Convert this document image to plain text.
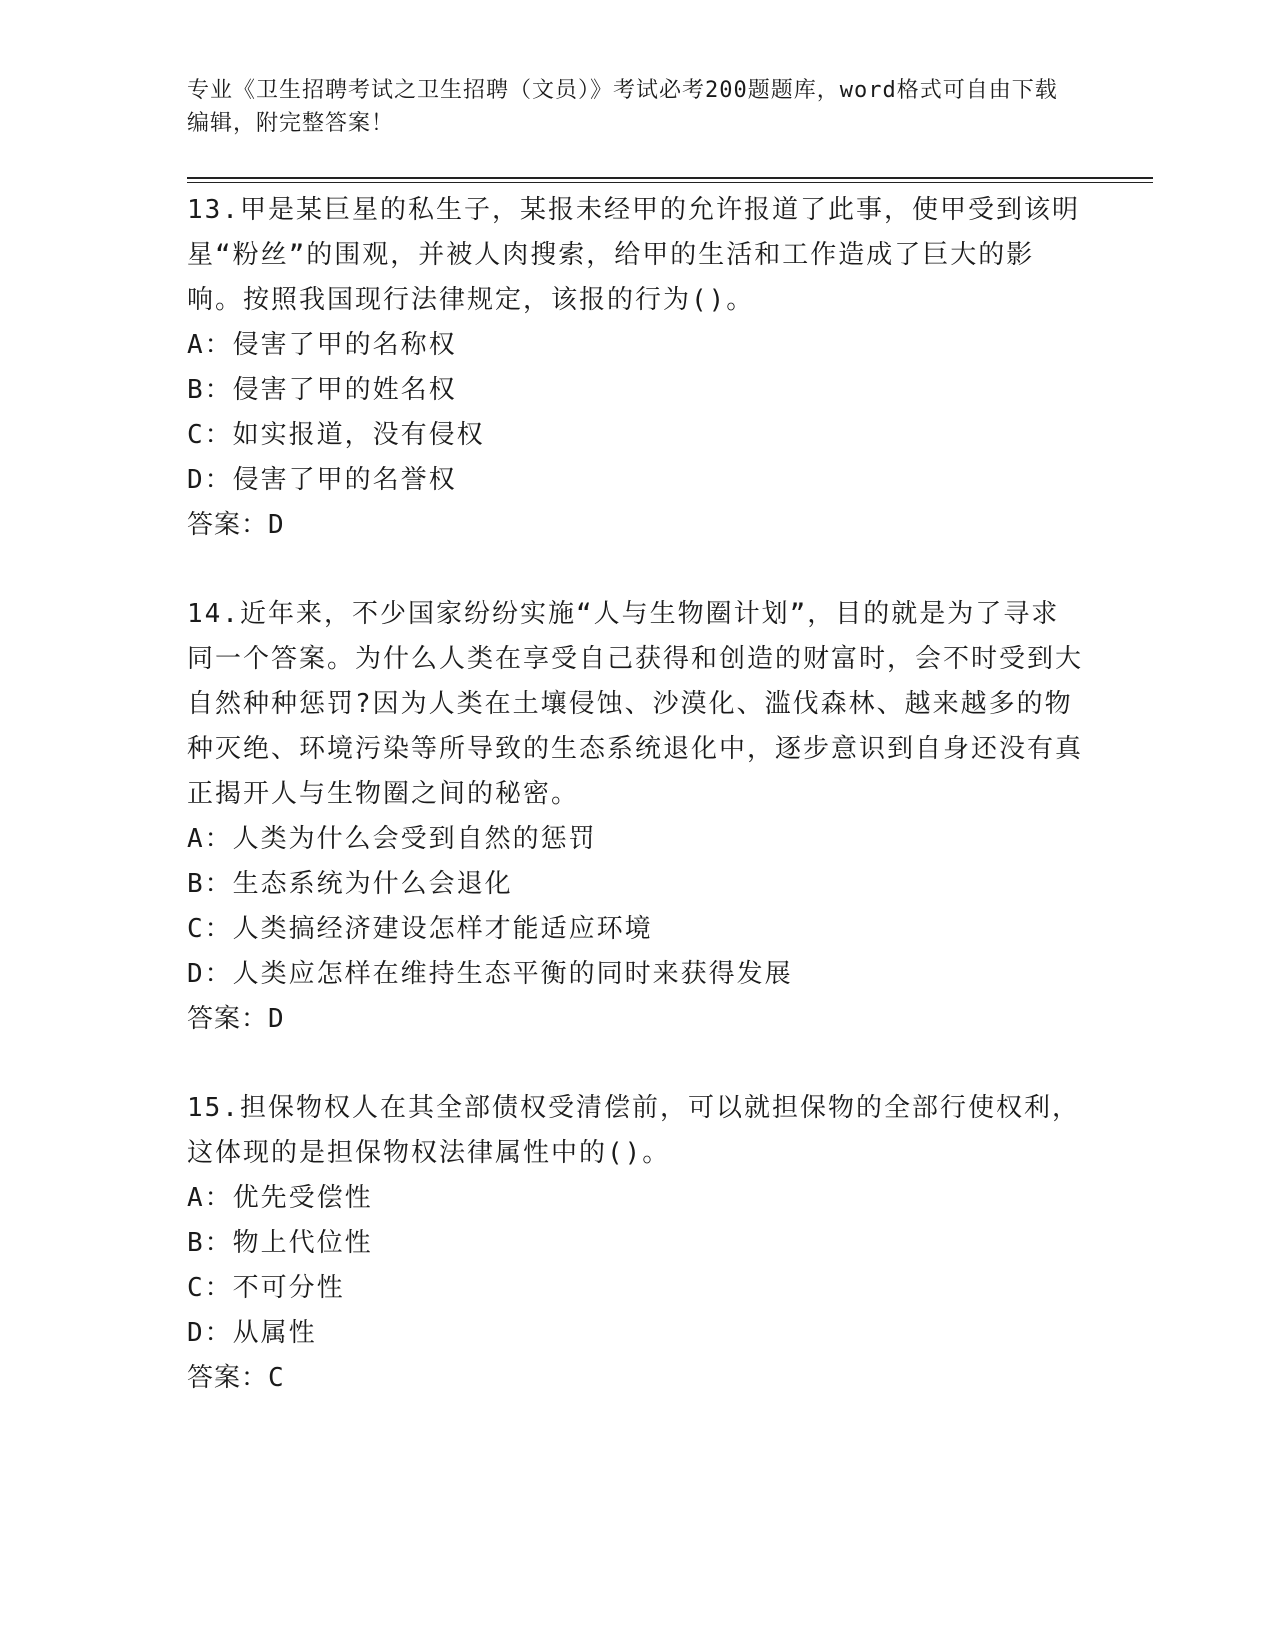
专业《卫生招聘考试之卫生招聘（文员）》考试必考200题题库，word格式可自由下载编辑，附完整答案！

13.甲是某巨星的私生子，某报未经甲的允许报道了此事，使甲受到该明星“粉丝”的围观，并被人肉搜索，给甲的生活和工作造成了巨大的影响。按照我国现行法律规定，该报的行为()。

A：侵害了甲的名称权

B：侵害了甲的姓名权

C：如实报道，没有侵权

D：侵害了甲的名誉权

答案：D

14.近年来，不少国家纷纷实施“人与生物圈计划”，目的就是为了寻求同一个答案。为什么人类在享受自己获得和创造的财富时，会不时受到大自然种种惩罚?因为人类在土壤侵蚀、沙漠化、滥伐森林、越来越多的物种灭绝、环境污染等所导致的生态系统退化中，逐步意识到自身还没有真正揭开人与生物圈之间的秘密。

A：人类为什么会受到自然的惩罚

B：生态系统为什么会退化

C：人类搞经济建设怎样才能适应环境

D：人类应怎样在维持生态平衡的同时来获得发展

答案：D

15.担保物权人在其全部债权受清偿前，可以就担保物的全部行使权利，这体现的是担保物权法律属性中的()。

A：优先受偿性

B：物上代位性

C：不可分性

D：从属性

答案：C
